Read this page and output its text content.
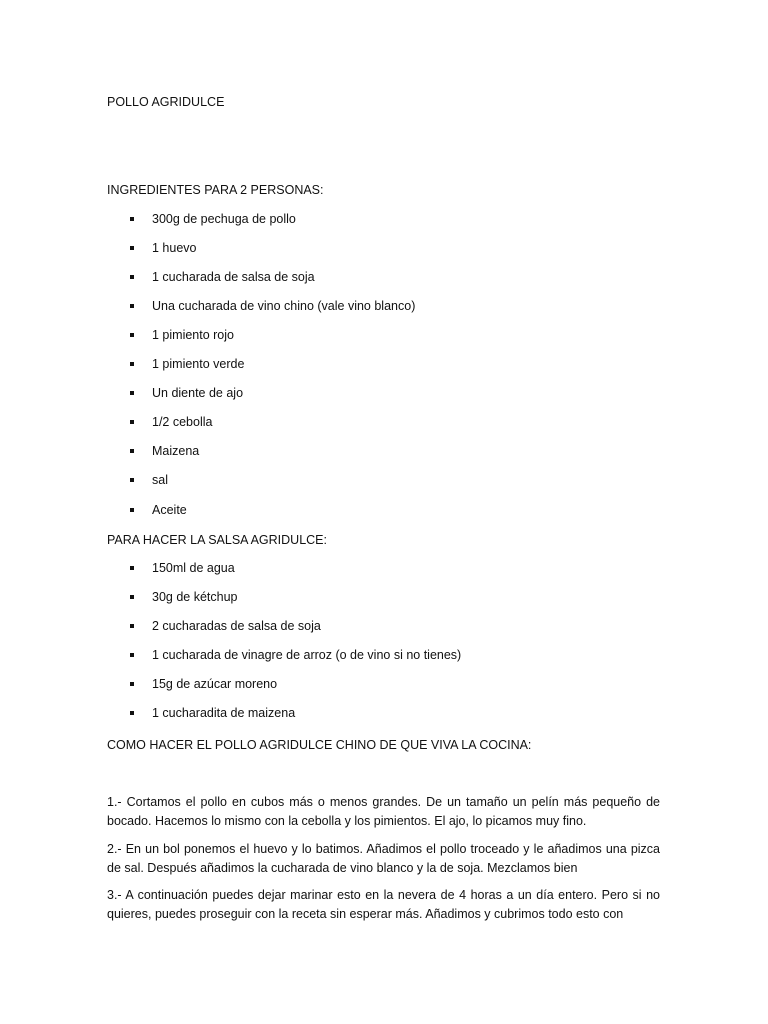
POLLO AGRIDULCE
INGREDIENTES PARA 2 PERSONAS:
300g de pechuga de pollo
1 huevo
1 cucharada de salsa de soja
Una cucharada de vino chino (vale vino blanco)
1 pimiento rojo
1 pimiento verde
Un diente de ajo
1/2 cebolla
Maizena
sal
Aceite
PARA HACER LA SALSA AGRIDULCE:
150ml de agua
30g de kétchup
2 cucharadas de salsa de soja
1 cucharada de vinagre de arroz (o de vino si no tienes)
15g de azúcar moreno
1 cucharadita de maizena
COMO HACER EL POLLO AGRIDULCE CHINO DE QUE VIVA LA COCINA:
1.- Cortamos el pollo en cubos más o menos grandes. De un tamaño un pelín más pequeño de bocado. Hacemos lo mismo con la cebolla y los pimientos. El ajo, lo picamos muy fino.
2.- En un bol ponemos el huevo y lo batimos. Añadimos el pollo troceado y le añadimos una pizca de sal. Después añadimos la cucharada de vino blanco y la de soja. Mezclamos bien
3.- A continuación puedes dejar marinar esto en la nevera de 4 horas a un día entero. Pero si no quieres, puedes proseguir con la receta sin esperar más. Añadimos y cubrimos todo esto con
